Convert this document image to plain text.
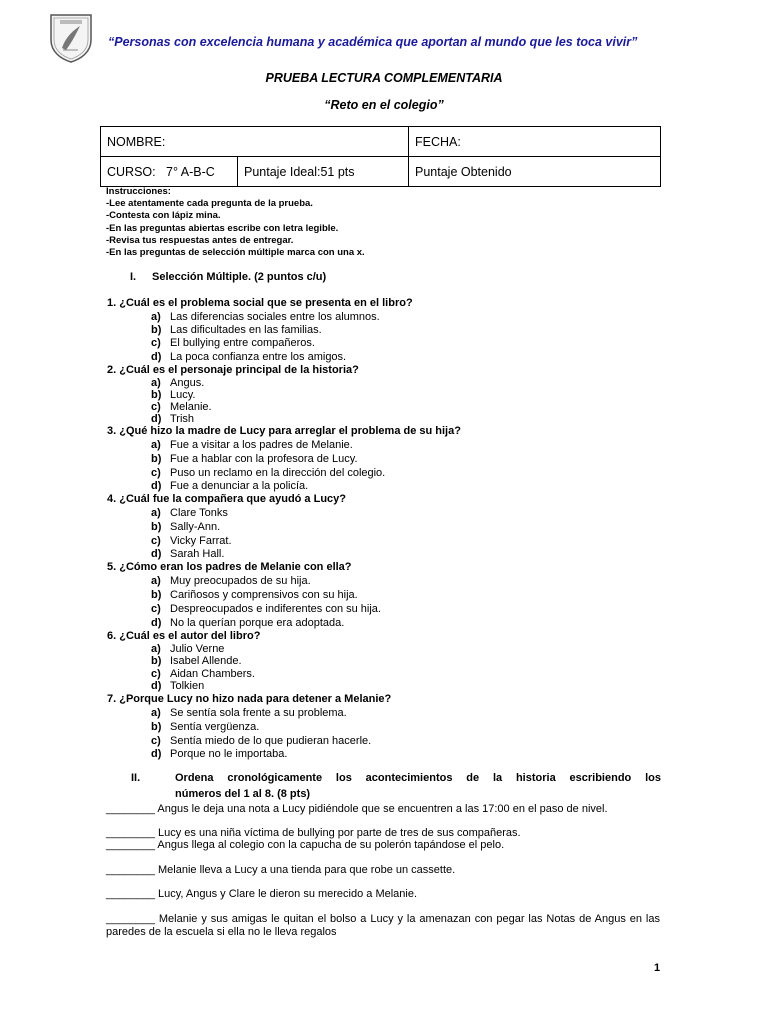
“Personas con excelencia humana y académica que aportan al mundo que les toca vivir”
PRUEBA LECTURA COMPLEMENTARIA
“Reto en el colegio”
NOMBRE:		FECHA:
CURSO: 7° A-B-C	Puntaje Ideal:51 pts	Puntaje Obtenido
Instrucciones:
-Lee atentamente cada pregunta de la prueba.
-Contesta con lápiz mina.
-En las preguntas abiertas escribe con letra legible.
-Revisa tus respuestas antes de entregar.
-En las preguntas de selección múltiple marca con una x.
I. Selección Múltiple. (2 puntos c/u)
1. ¿Cuál es el problema social que se presenta en el libro?
a) Las diferencias sociales entre los alumnos.
b) Las dificultades en las familias.
c) El bullying entre compañeros.
d) La poca confianza entre los amigos.
2. ¿Cuál es el personaje principal de la historia?
a) Angus.
b) Lucy.
c) Melanie.
d) Trish
3. ¿Qué hizo la madre de Lucy para arreglar el problema de su hija?
a) Fue a visitar a los padres de Melanie.
b) Fue a hablar con la profesora de Lucy.
c) Puso un reclamo en la dirección del colegio.
d) Fue a denunciar a la policía.
4. ¿Cuál fue la compañera que ayudó a Lucy?
a) Clare Tonks
b) Sally-Ann.
c) Vicky Farrat.
d) Sarah Hall.
5. ¿Cómo eran los padres de Melanie con ella?
a) Muy preocupados de su hija.
b) Cariñosos y comprensivos con su hija.
c) Despreocupados e indiferentes con su hija.
d) No la querían porque era adoptada.
6. ¿Cuál es el autor del libro?
a) Julio Verne
b) Isabel Allende.
c) Aidan Chambers.
d) Tolkien
7. ¿Porque Lucy no hizo nada para detener a Melanie?
a) Se sentía sola frente a su problema.
b) Sentía vergüenza.
c) Sentía miedo de lo que pudieran hacerle.
d) Porque no le importaba.
II.	Ordena cronológicamente los acontecimientos de la historia escribiendo los
números del 1 al 8. (8 pts)
________ Angus le deja una nota a Lucy pidiéndole que se encuentren a las 17:00 en el paso de nivel.
________ Lucy es una niña víctima de bullying por parte de tres de sus compañeras.
________ Angus llega al colegio con la capucha de su polerón tapándose el pelo.
________ Melanie lleva a Lucy a una tienda para que robe un cassette.
________ Lucy, Angus y Clare le dieron su merecido a Melanie.
________ Melanie y sus amigas le quitan el bolso a Lucy y la amenazan con pegar las Notas de Angus en las paredes de la escuela si ella no le lleva regalos
1
